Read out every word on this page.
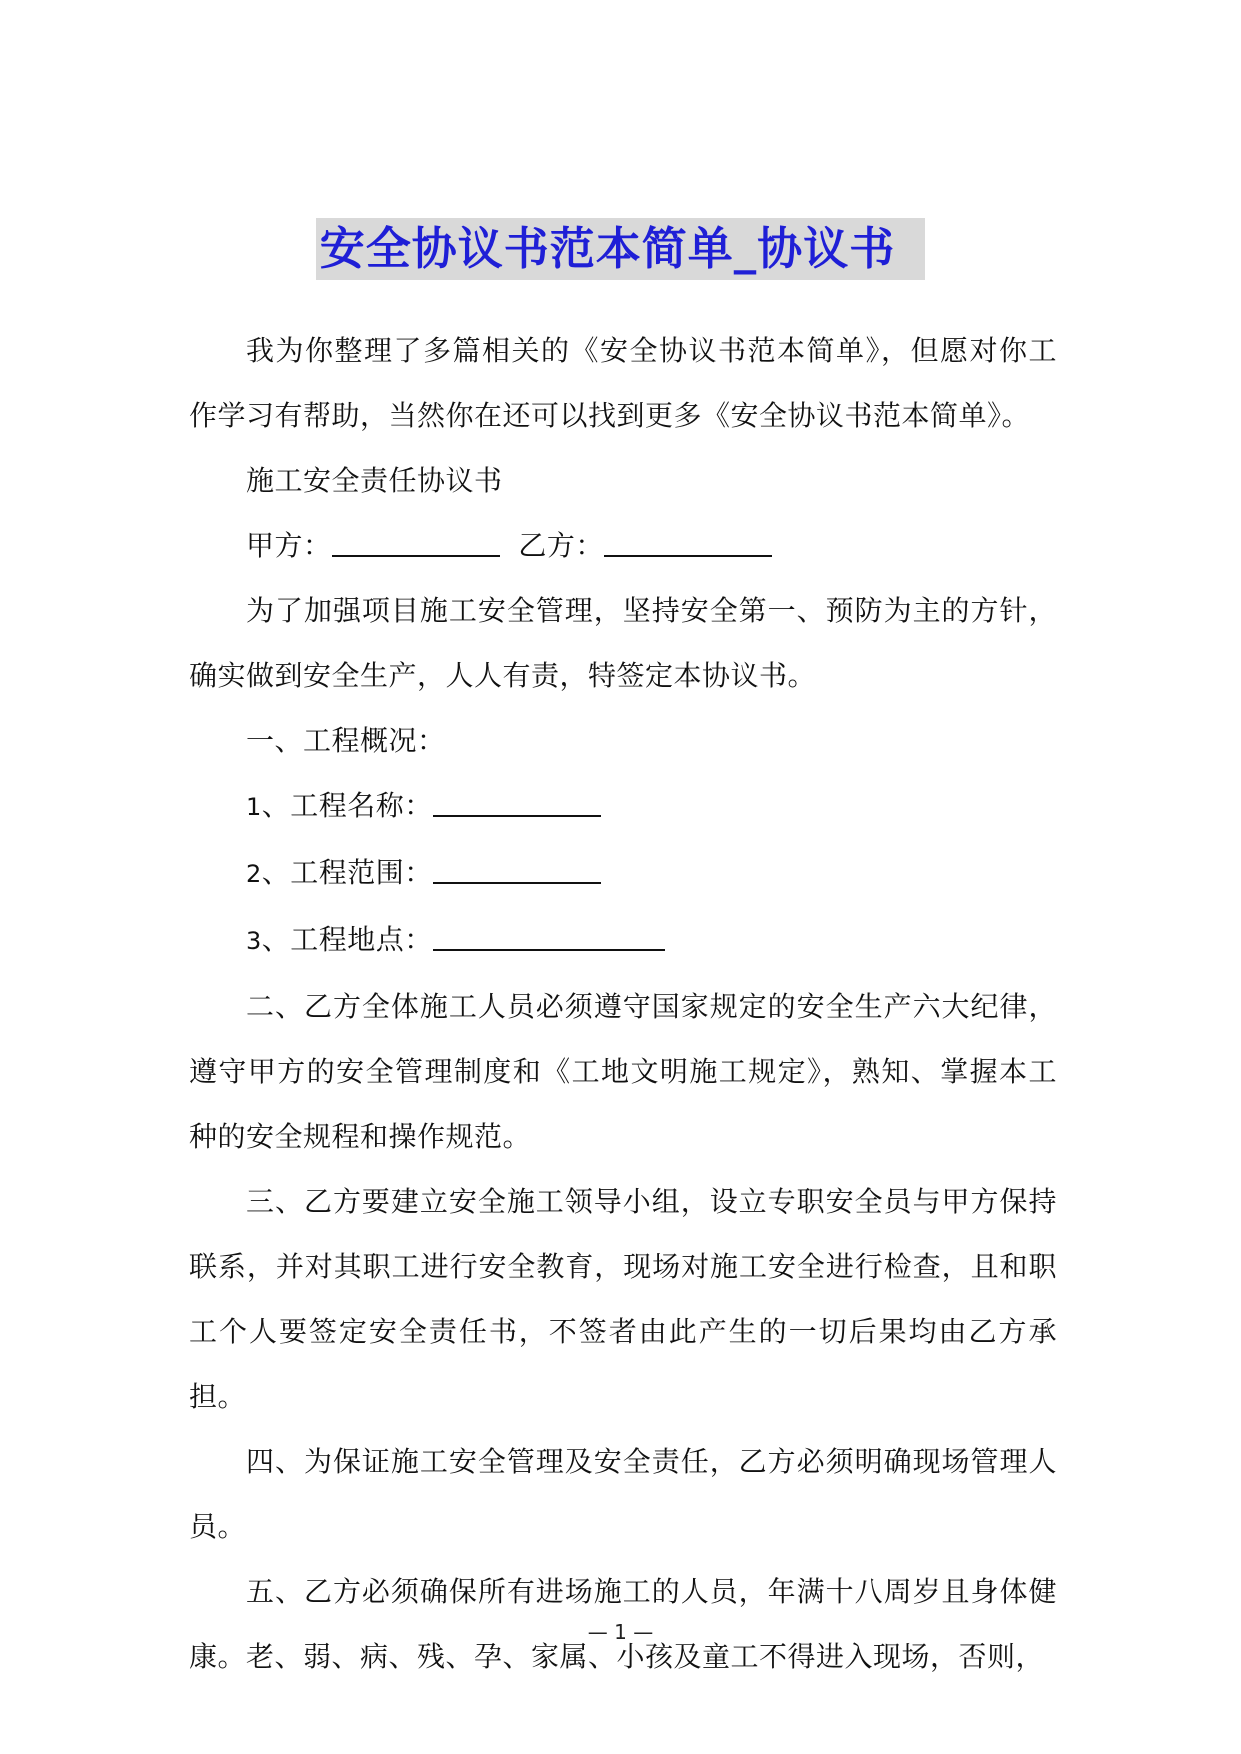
安全协议书范本简单_协议书

我为你整理了多篇相关的《安全协议书范本简单》，但愿对你工作学习有帮助，当然你在还可以找到更多《安全协议书范本简单》。

施工安全责任协议书

甲方：	乙方：

为了加强项目施工安全管理，坚持安全第一、预防为主的方针，确实做到安全生产，人人有责，特签定本协议书。

一、工程概况：

1、工程名称：

2、工程范围：

3、工程地点：

二、乙方全体施工人员必须遵守国家规定的安全生产六大纪律，遵守甲方的安全管理制度和《工地文明施工规定》，熟知、掌握本工种的安全规程和操作规范。

三、乙方要建立安全施工领导小组，设立专职安全员与甲方保持联系，并对其职工进行安全教育，现场对施工安全进行检查，且和职工个人要签定安全责任书，不签者由此产生的一切后果均由乙方承担。

四、为保证施工安全管理及安全责任，乙方必须明确现场管理人员。

五、乙方必须确保所有进场施工的人员，年满十八周岁且身体健康。老、弱、病、残、孕、家属、小孩及童工不得进入现场，否则，

— 1 —
